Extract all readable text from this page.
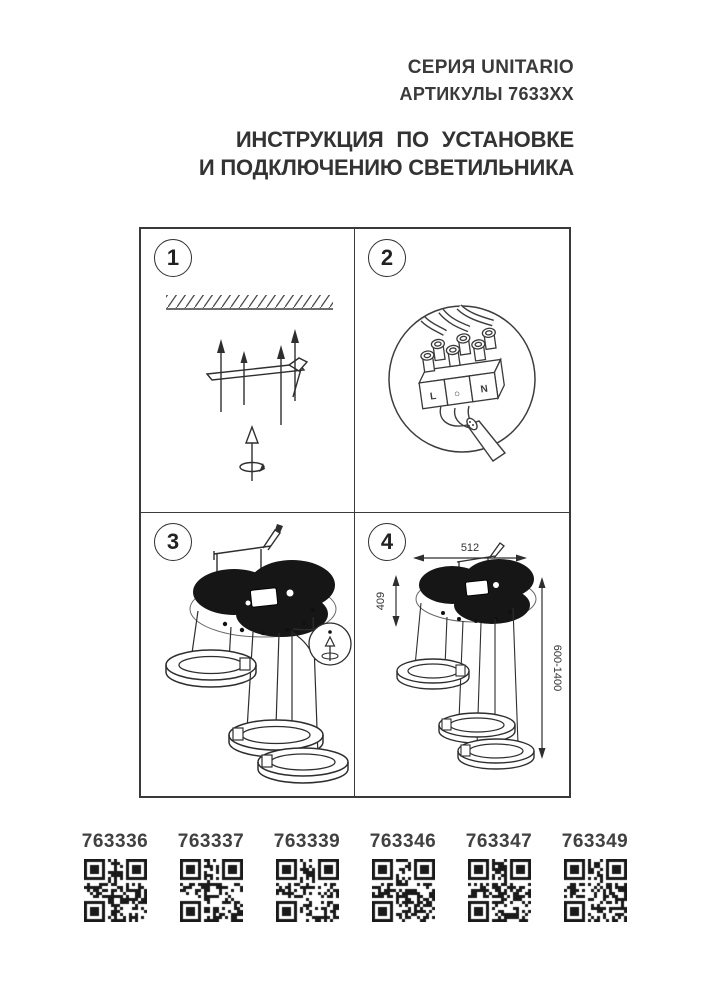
СЕРИЯ UNITARIO
АРТИКУЛЫ 7633XX
ИНСТРУКЦИЯ ПО УСТАНОВКЕ
И ПОДКЛЮЧЕНИЮ СВЕТИЛЬНИКА
1	2
L ○ N
3	4	512
409
600-1400
763336	763337	763339	763346	763347	763349
